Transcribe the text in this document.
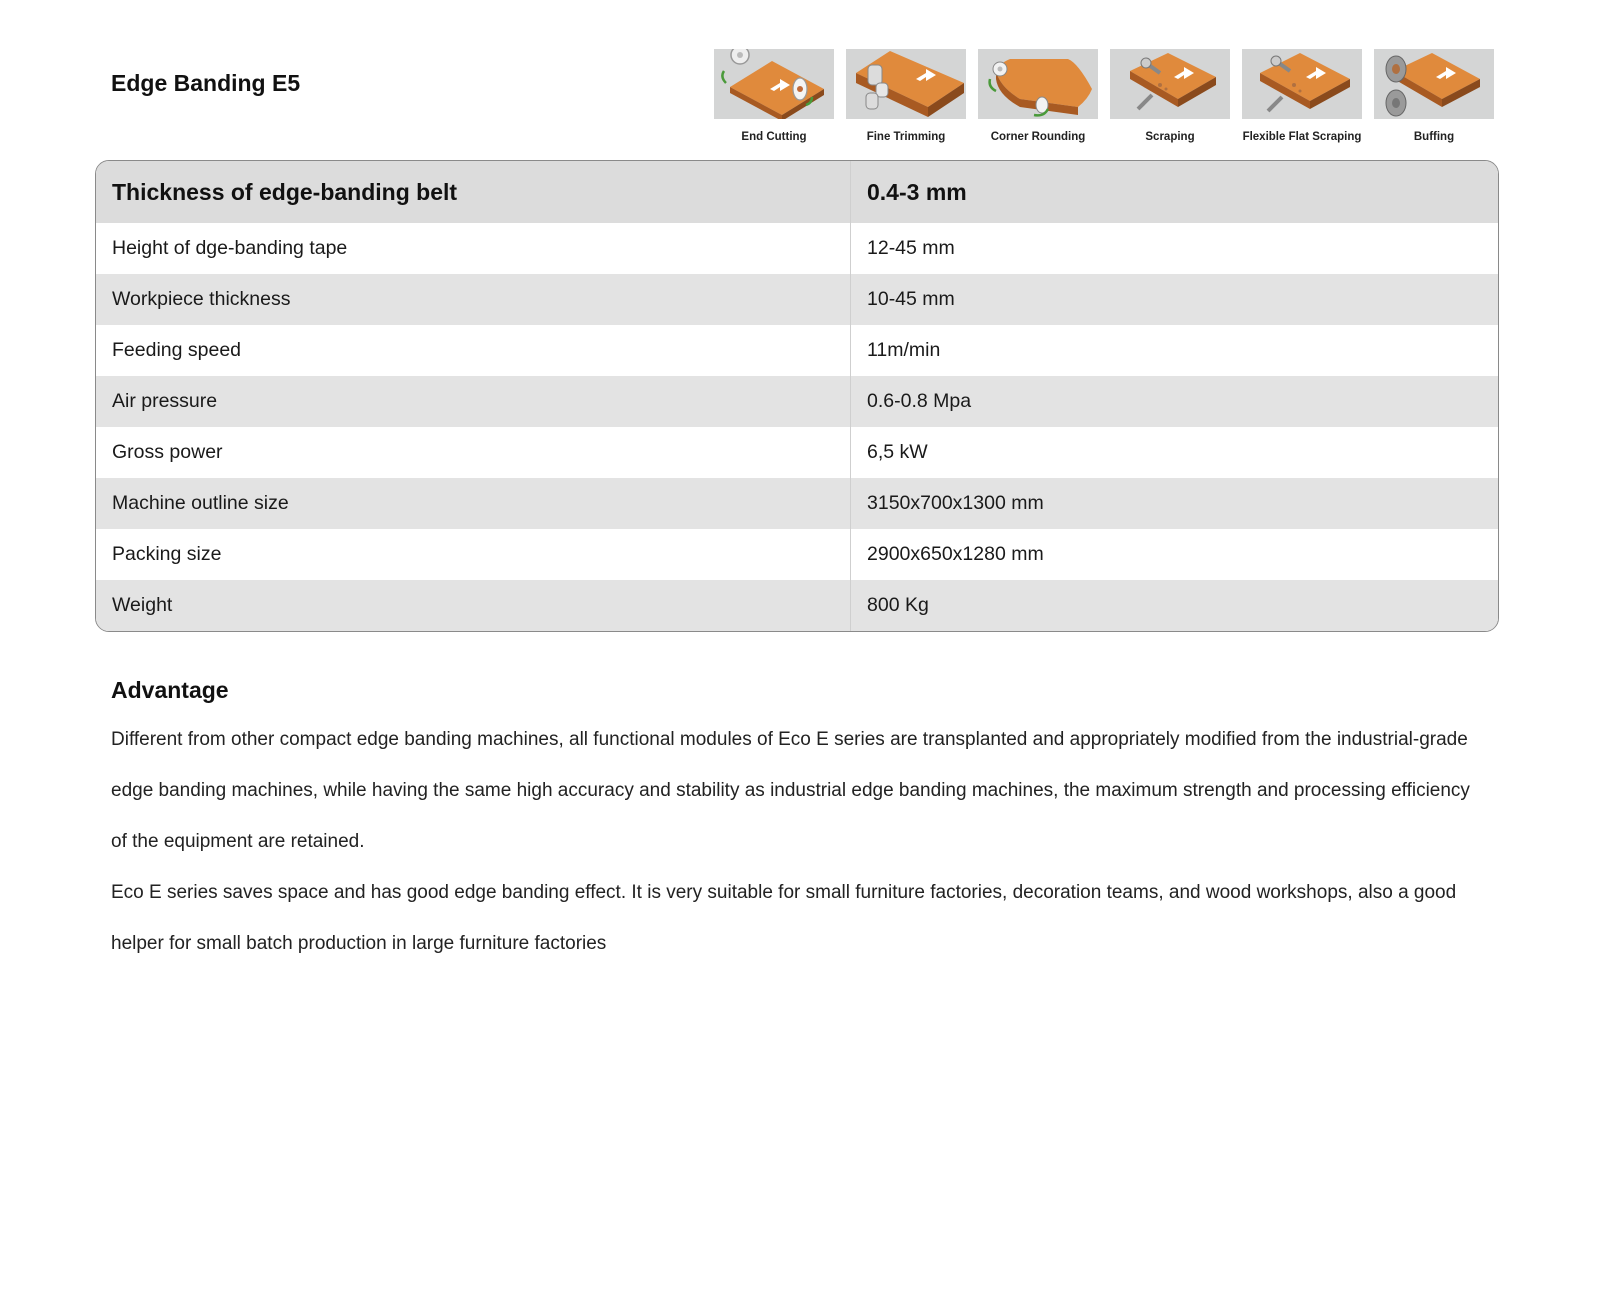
Edge Banding E5
End Cutting	Fine Trimming	Corner Rounding	Scraping	Flexible Flat Scraping	Buffing
Thickness of edge-banding belt	0.4-3 mm
Height of dge-banding tape	12-45 mm
Workpiece thickness	10-45 mm
Feeding speed	11m/min
Air pressure	0.6-0.8 Mpa
Gross power	6,5 kW
Machine outline size	3150x700x1300 mm
Packing size	2900x650x1280 mm
Weight	800 Kg
Advantage

Different from other compact edge banding machines, all functional modules of Eco E series are transplanted and appropriately modified from the industrial-grade edge banding machines, while having the same high accuracy and stability as industrial edge banding machines, the maximum strength and processing efficiency of the equipment are retained.

Eco E series saves space and has good edge banding effect. It is very suitable for small furniture factories, decoration teams, and wood workshops, also a good helper for small batch production in large furniture factories
